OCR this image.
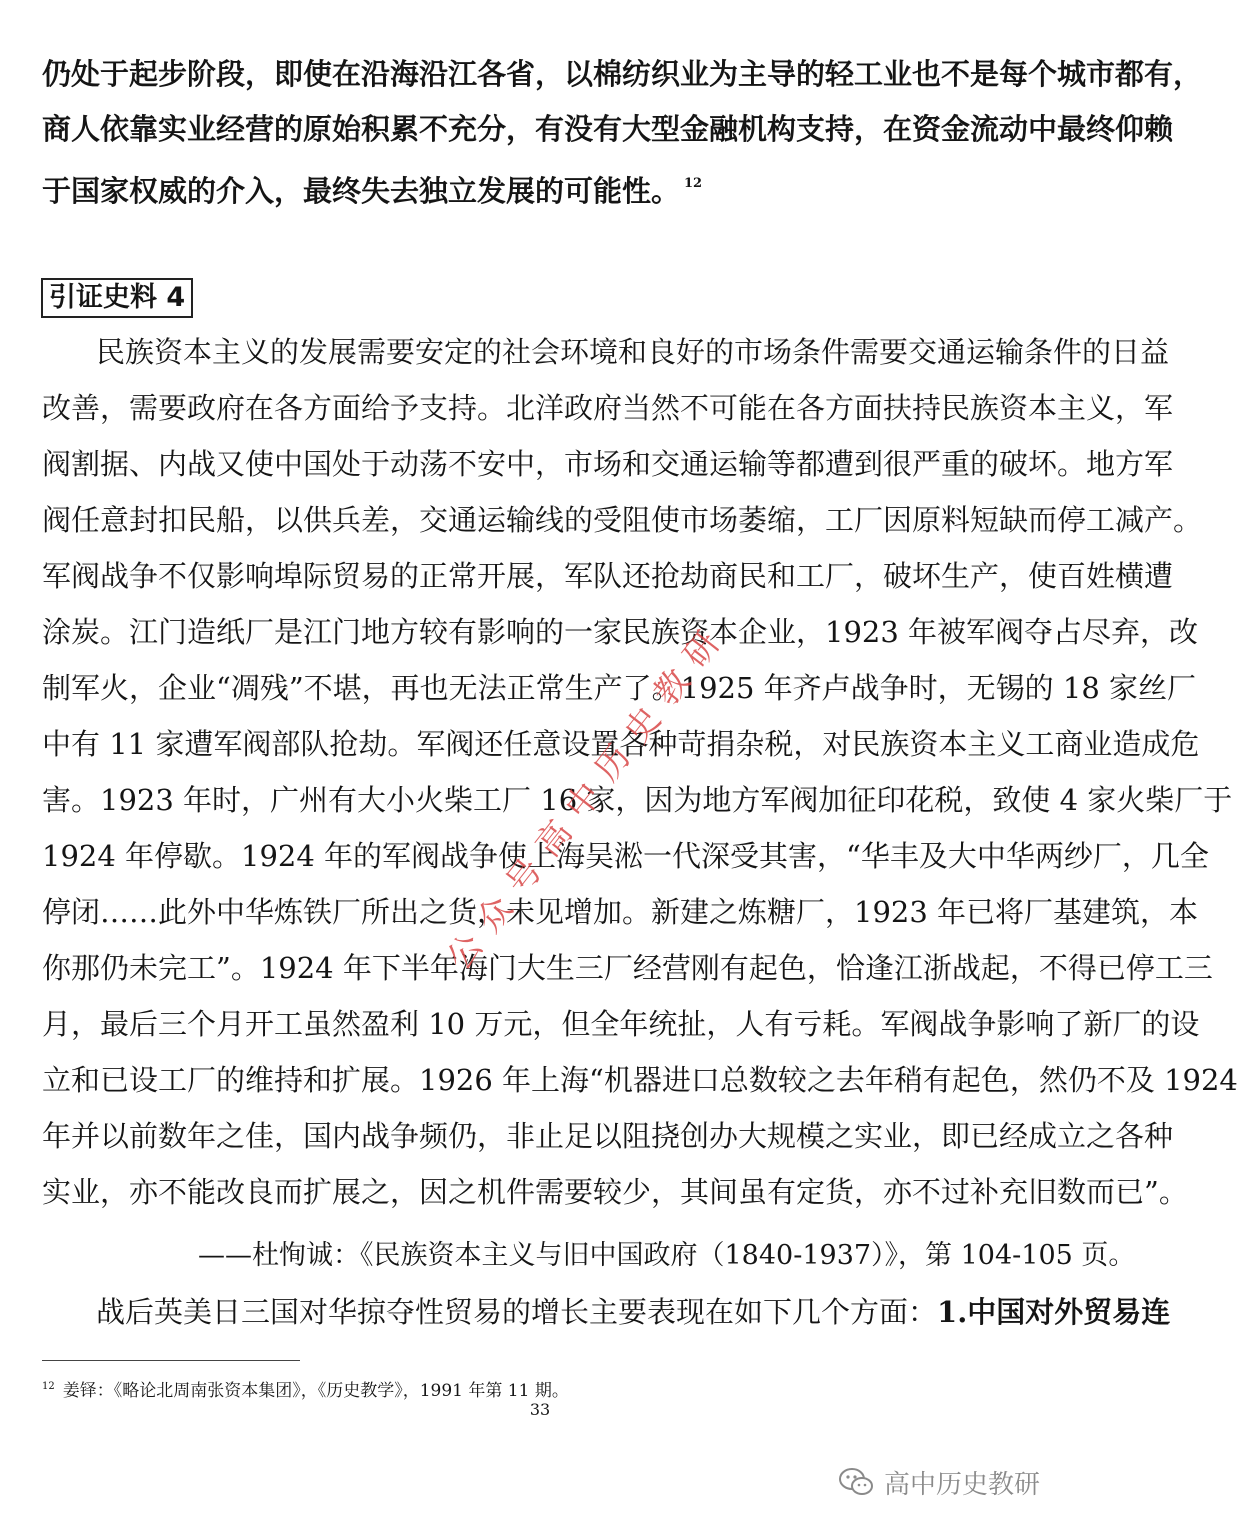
仍处于起步阶段，即使在沿海沿江各省，以棉纺织业为主导的轻工业也不是每个城市都有，
商人依靠实业经营的原始积累不充分，有没有大型金融机构支持，在资金流动中最终仰赖
于国家权威的介入，最终失去独立发展的可能性。 $^{12}$
引证史料 4
民族资本主义的发展需要安定的社会环境和良好的市场条件需要交通运输条件的日益
改善，需要政府在各方面给予支持。北洋政府当然不可能在各方面扶持民族资本主义，军
阀割据、内战又使中国处于动荡不安中，市场和交通运输等都遭到很严重的破坏。地方军
阀任意封扣民船，以供兵差，交通运输线的受阻使市场萎缩，工厂因原料短缺而停工减产。
军阀战争不仅影响埠际贸易的正常开展，军队还抢劫商民和工厂，破坏生产，使百姓横遭
涂炭。江门造纸厂是江门地方较有影响的一家民族资本企业，1923 年被军阀夺占尽弃，改
制军火，企业“凋残”不堪，再也无法正常生产了。1925 年齐卢战争时，无锡的 18 家丝厂
中有 11 家遭军阀部队抢劫。军阀还任意设置各种苛捐杂税，对民族资本主义工商业造成危
害。1923 年时，广州有大小火柴工厂 16 家，因为地方军阀加征印花税，致使 4 家火柴厂于
1924 年停歇。1924 年的军阀战争使上海吴淞一代深受其害，“华丰及大中华两纱厂，几全
停闭……此外中华炼铁厂所出之货，未见增加。新建之炼糖厂，1923 年已将厂基建筑，本
你那仍未完工”。1924 年下半年海门大生三厂经营刚有起色，恰逢江浙战起，不得已停工三
月，最后三个月开工虽然盈利 10 万元，但全年统扯，人有亏耗。军阀战争影响了新厂的设
立和已设工厂的维持和扩展。1926 年上海“机器进口总数较之去年稍有起色，然仍不及 1924
年并以前数年之佳，国内战争频仍，非止足以阻挠创办大规模之实业，即已经成立之各种
实业，亦不能改良而扩展之，因之机件需要较少，其间虽有定货，亦不过补充旧数而已”。
——杜恂诚：《民族资本主义与旧中国政府（1840-1937）》，第 104-105 页。
战后英美日三国对华掠夺性贸易的增长主要表现在如下几个方面：1.中国对外贸易连
$^{12}$ 姜铎：《略论北周南张资本集团》，《历史教学》，1991 年第 11 期。
33
公众号高中历史教研
高中历史教研
